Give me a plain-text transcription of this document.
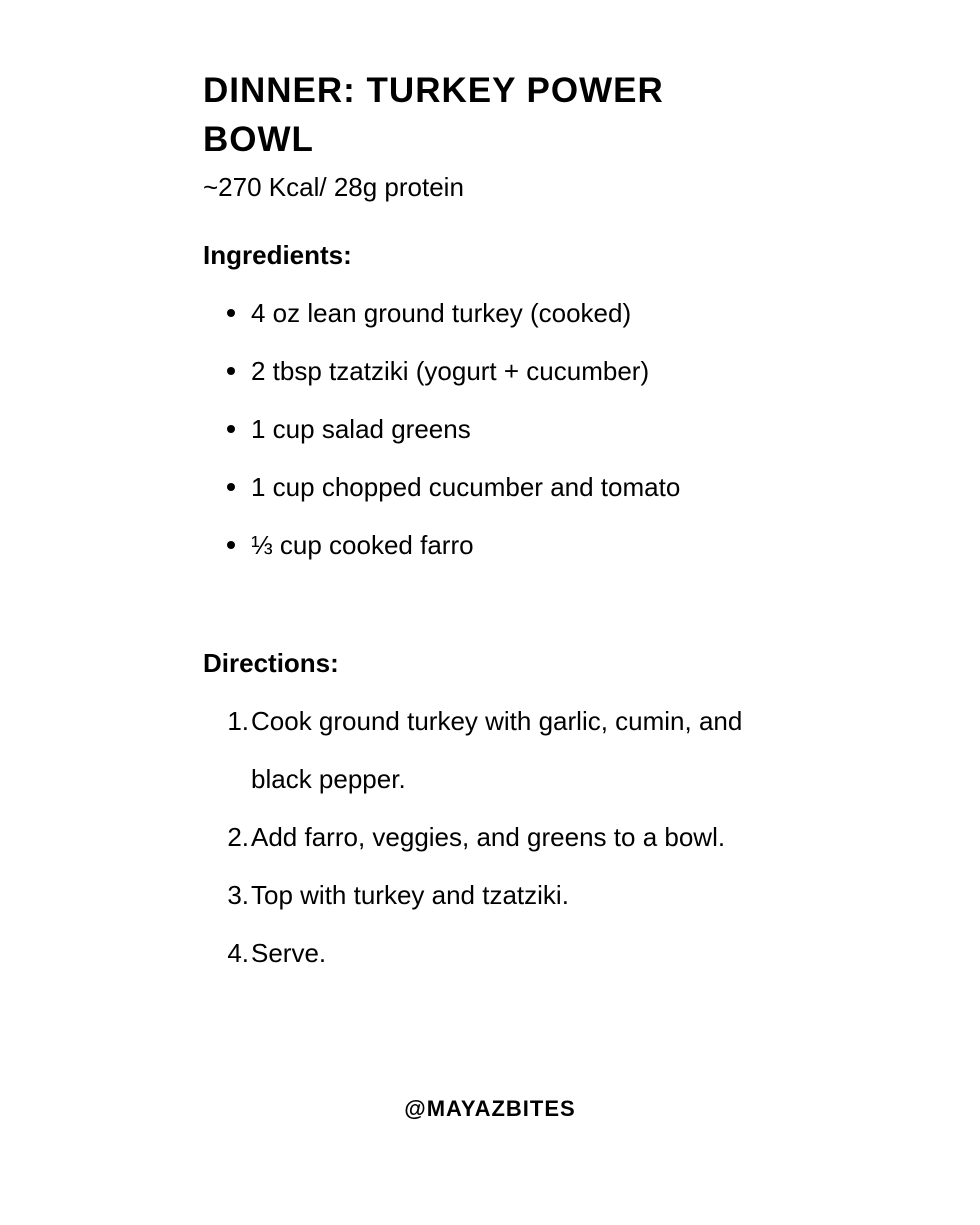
DINNER: TURKEY POWER BOWL

~270 Kcal/ 28g protein

Ingredients:
4 oz lean ground turkey (cooked)
2 tbsp tzatziki (yogurt + cucumber)
1 cup salad greens
1 cup chopped cucumber and tomato
⅓ cup cooked farro
Directions:
1. Cook ground turkey with garlic, cumin, and black pepper.
2. Add farro, veggies, and greens to a bowl.
3. Top with turkey and tzatziki.
4. Serve.
@MAYAZBITES
